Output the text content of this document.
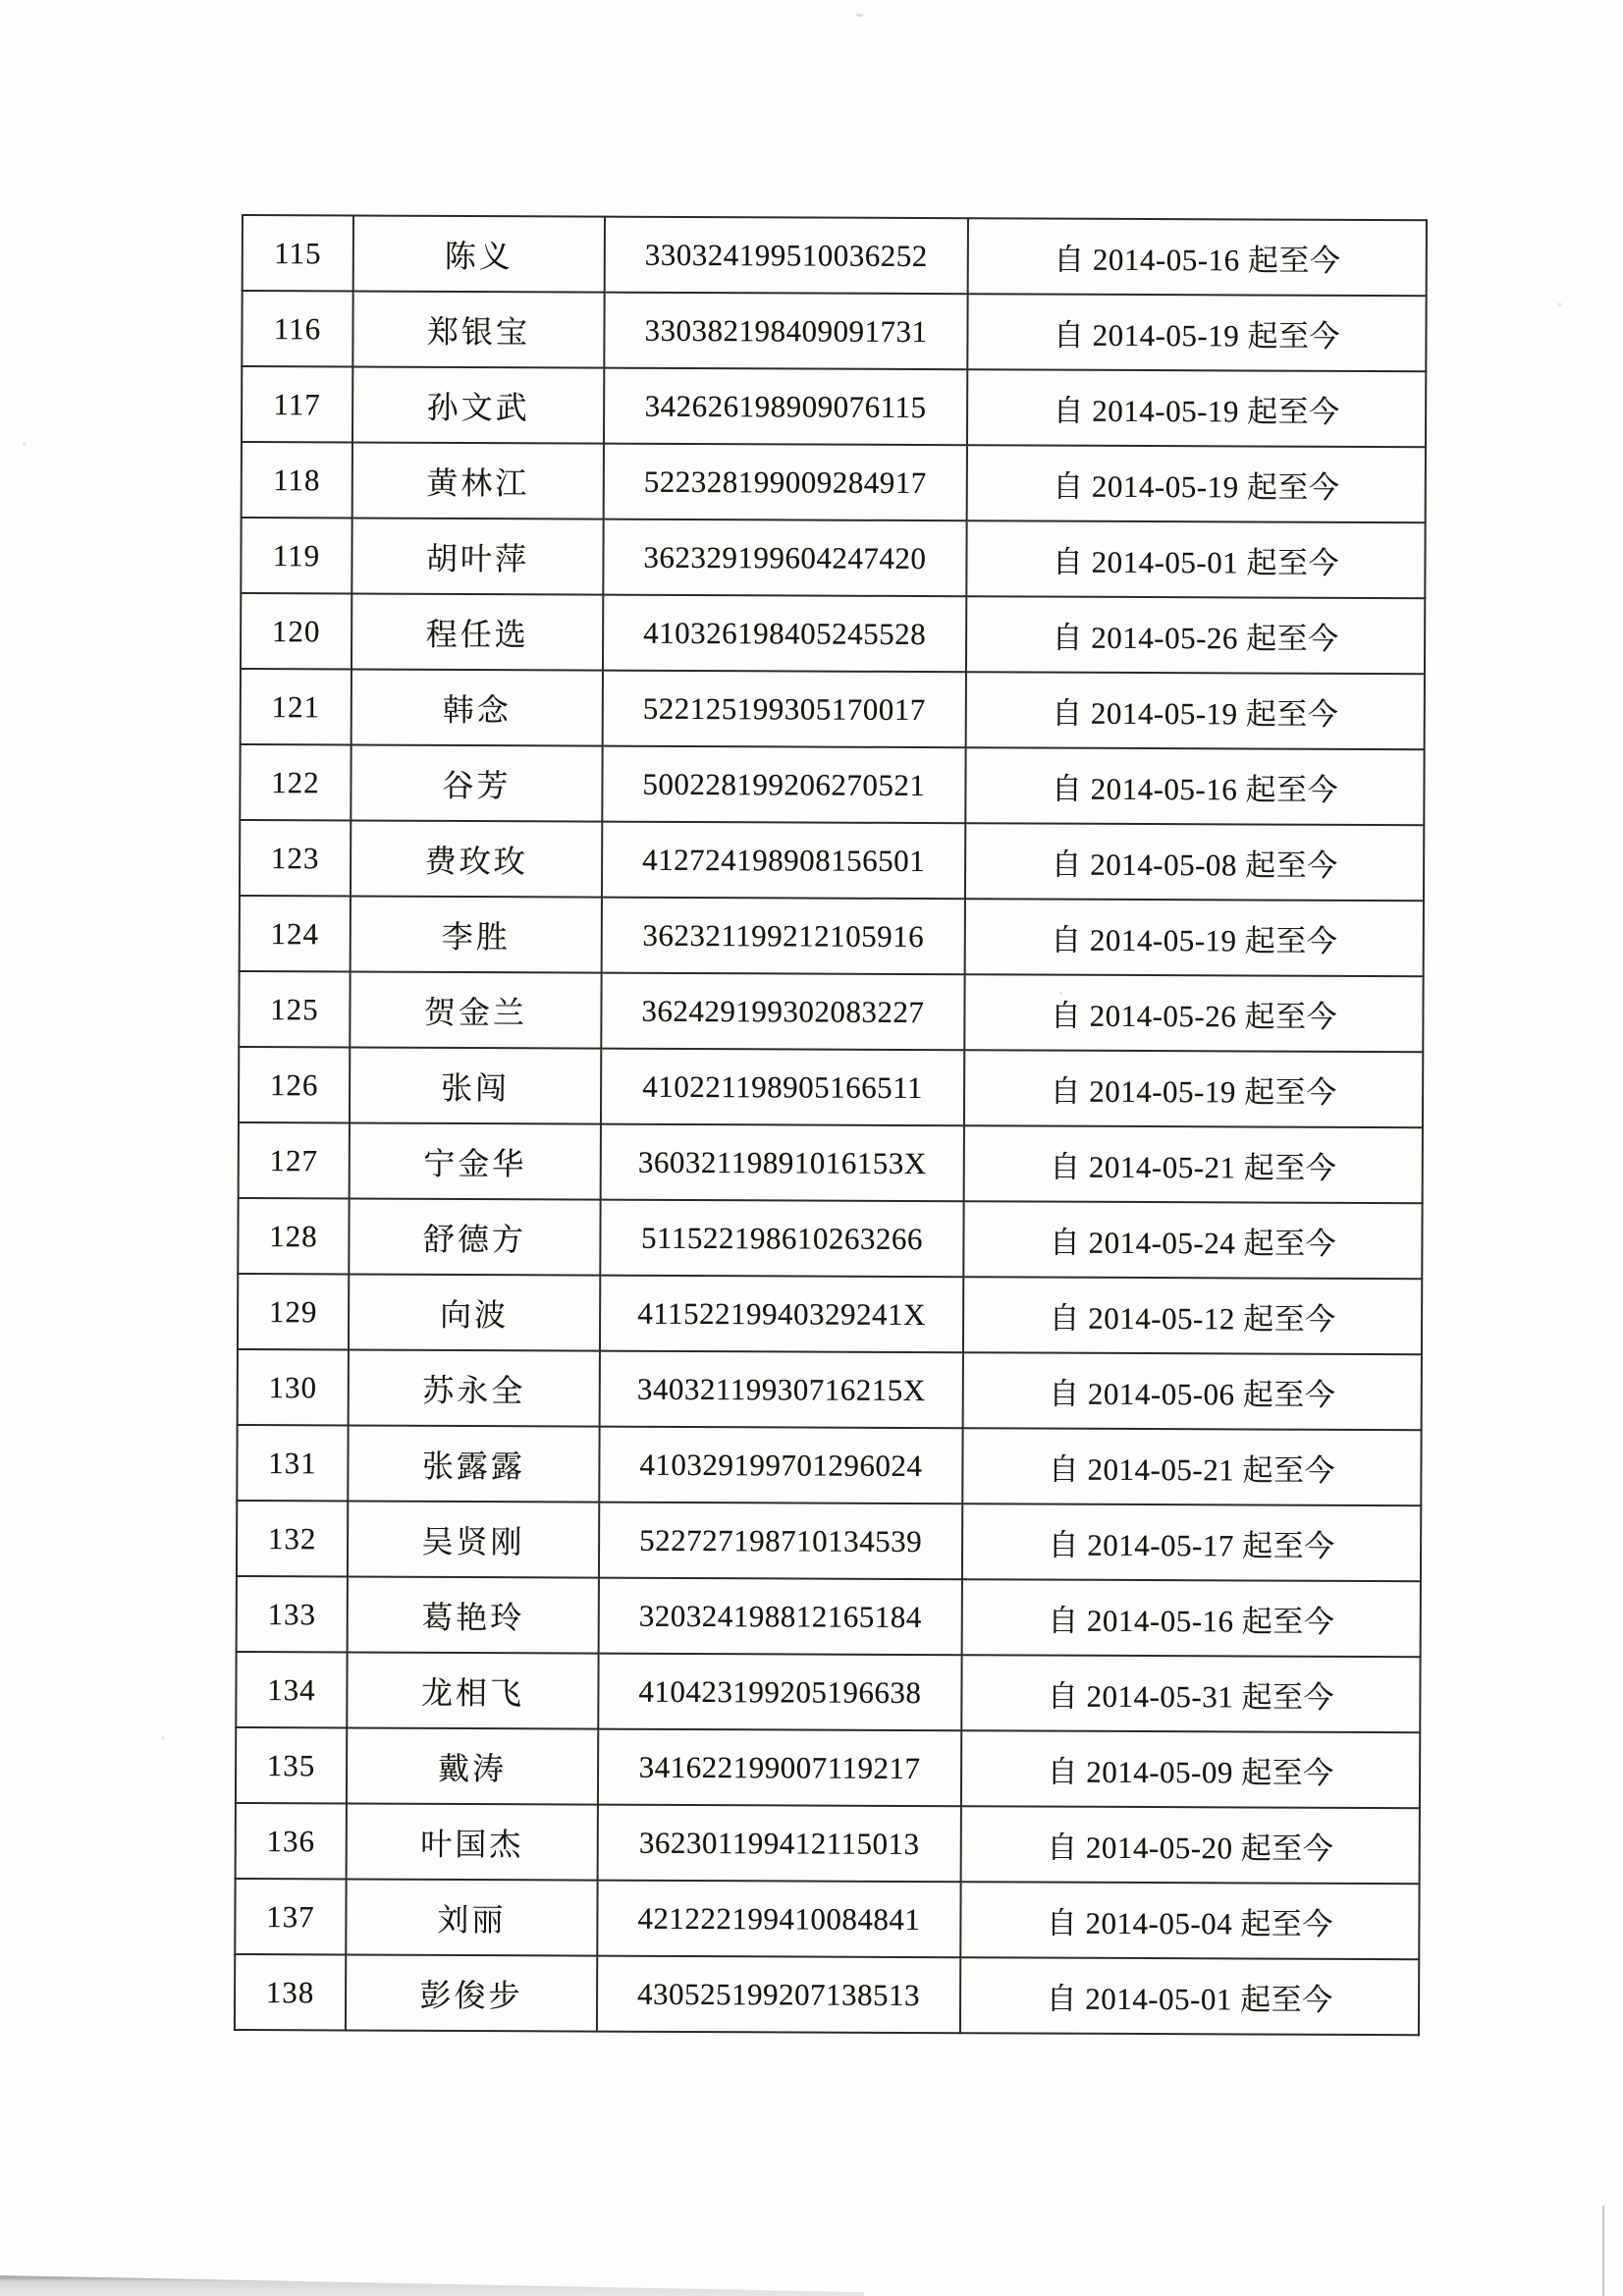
115	陈义	330324199510036252	自 2014-05-16 起至今
116	郑银宝	330382198409091731	自 2014-05-19 起至今
117	孙文武	342626198909076115	自 2014-05-19 起至今
118	黄林江	522328199009284917	自 2014-05-19 起至今
119	胡叶萍	362329199604247420	自 2014-05-01 起至今
120	程任选	410326198405245528	自 2014-05-26 起至今
121	韩念	522125199305170017	自 2014-05-19 起至今
122	谷芳	500228199206270521	自 2014-05-16 起至今
123	费玫玫	412724198908156501	自 2014-05-08 起至今
124	李胜	362321199212105916	自 2014-05-19 起至今
125	贺金兰	362429199302083227	自 2014-05-26 起至今
126	张闯	410221198905166511	自 2014-05-19 起至今
127	宁金华	36032119891016153X	自 2014-05-21 起至今
128	舒德方	511522198610263266	自 2014-05-24 起至今
129	向波	41152219940329241X	自 2014-05-12 起至今
130	苏永全	34032119930716215X	自 2014-05-06 起至今
131	张露露	410329199701296024	自 2014-05-21 起至今
132	吴贤刚	522727198710134539	自 2014-05-17 起至今
133	葛艳玲	320324198812165184	自 2014-05-16 起至今
134	龙相飞	410423199205196638	自 2014-05-31 起至今
135	戴涛	341622199007119217	自 2014-05-09 起至今
136	叶国杰	362301199412115013	自 2014-05-20 起至今
137	刘丽	421222199410084841	自 2014-05-04 起至今
138	彭俊步	430525199207138513	自 2014-05-01 起至今
